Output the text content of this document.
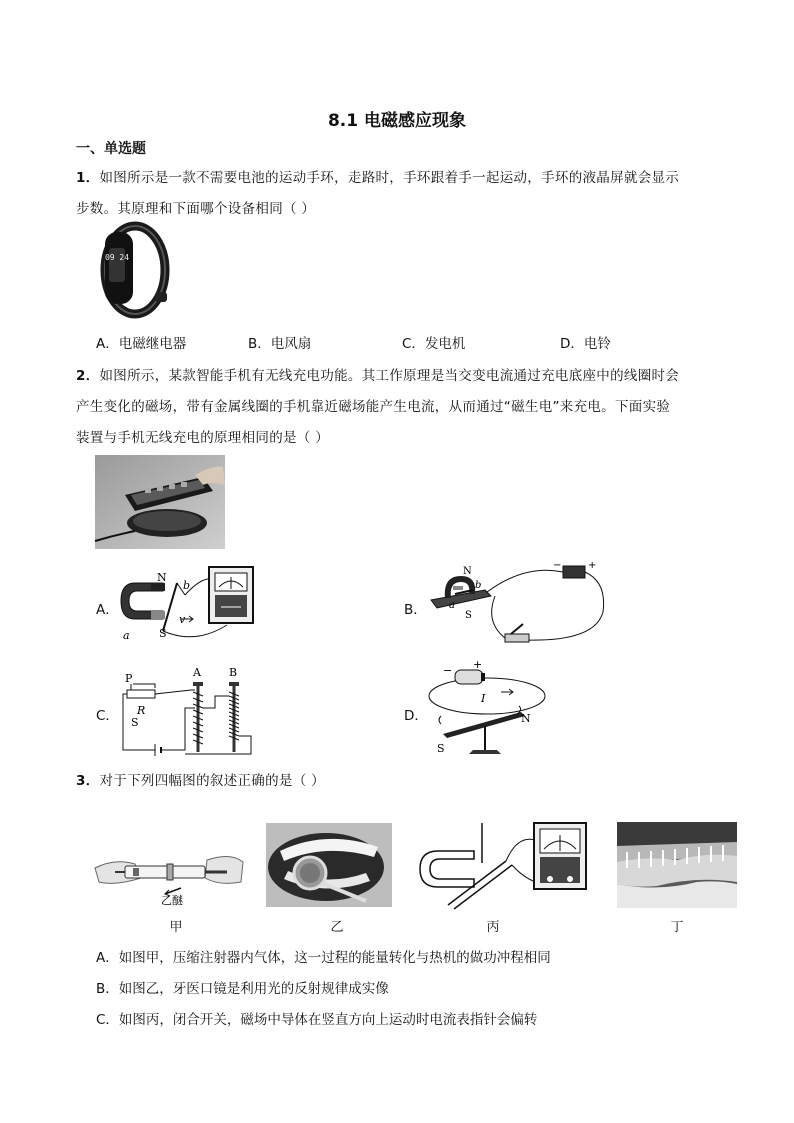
8.1 电磁感应现象
一、单选题
1．如图所示是一款不需要电池的运动手环，走路时，手环跟着手一起运动，手环的液晶屏就会显示
步数。其原理和下面哪个设备相同（ ）
09 24
A．电磁继电器	B．电风扇	C．发电机	D．电铃
2．如图所示，某款智能手机有无线充电功能。其工作原理是当交变电流通过充电底座中的线圈时会
产生变化的磁场，带有金属线圈的手机靠近磁场能产生电流，从而通过“磁生电”来充电。下面实验
装置与手机无线充电的原理相同的是（ ）
A．
N
S
a
b
v
B．
N
S
b
a
−	+
C．
P
R
S
A	B
D．
− +
I
N
S
3．对于下列四幅图的叙述正确的是（ ）
乙醚
甲	乙	丙	丁
A．如图甲，压缩注射器内气体，这一过程的能量转化与热机的做功冲程相同
B．如图乙，牙医口镜是利用光的反射规律成实像
C．如图丙，闭合开关，磁场中导体在竖直方向上运动时电流表指针会偏转
